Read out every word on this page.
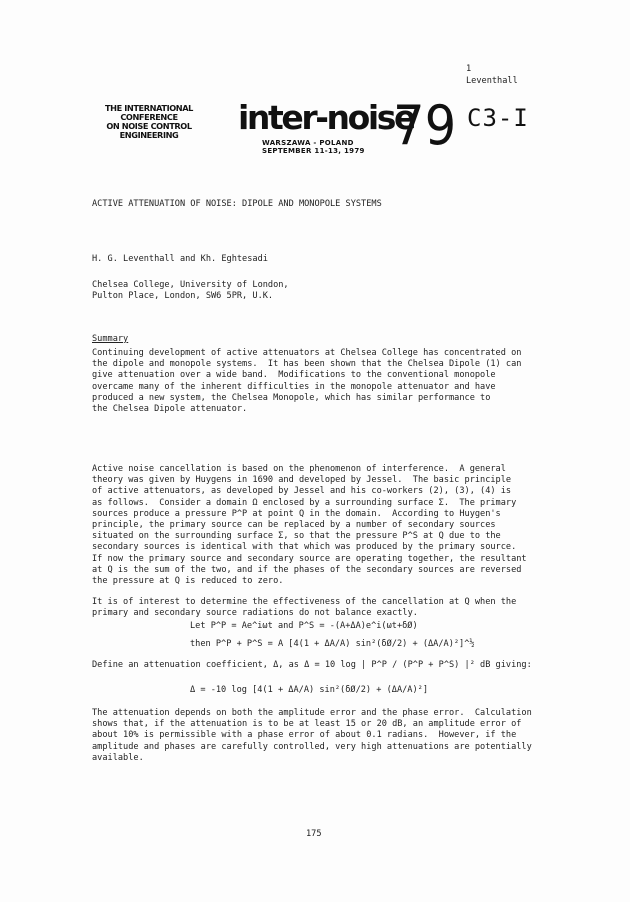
1
Leventhall
THE INTERNATIONAL
CONFERENCE
ON NOISE CONTROL
ENGINEERING	inter-noise
79
WARSZAWA - POLAND
SEPTEMBER 11-13, 1979
C3-I
ACTIVE ATTENUATION OF NOISE: DIPOLE AND MONOPOLE SYSTEMS
H. G. Leventhall and Kh. Eghtesadi
Chelsea College, University of London,
Pulton Place, London, SW6 5PR, U.K.
Summary
Continuing development of active attenuators at Chelsea College has concentrated on
the dipole and monopole systems.  It has been shown that the Chelsea Dipole (1) can
give attenuation over a wide band.  Modifications to the conventional monopole
overcame many of the inherent difficulties in the monopole attenuator and have
produced a new system, the Chelsea Monopole, which has similar performance to
the Chelsea Dipole attenuator.
Active noise cancellation is based on the phenomenon of interference.  A general
theory was given by Huygens in 1690 and developed by Jessel.  The basic principle
of active attenuators, as developed by Jessel and his co-workers (2), (3), (4) is
as follows.  Consider a domain Ω enclosed by a surrounding surface Σ.  The primary
sources produce a pressure P^P at point Q in the domain.  According to Huygen's
principle, the primary source can be replaced by a number of secondary sources
situated on the surrounding surface Σ, so that the pressure P^S at Q due to the
secondary sources is identical with that which was produced by the primary source.
If now the primary source and secondary source are operating together, the resultant
at Q is the sum of the two, and if the phases of the secondary sources are reversed
the pressure at Q is reduced to zero.
It is of interest to determine the effectiveness of the cancellation at Q when the
primary and secondary source radiations do not balance exactly.
Let P^P = Ae^iωt and P^S = -(A+ΔA)e^i(ωt+δØ)
then P^P + P^S = A [4(1 + ΔA/A) sin²(δØ/2) + (ΔA/A)²]^½
Define an attenuation coefficient, Δ, as Δ = 10 log | P^P / (P^P + P^S) |² dB giving:
Δ = -10 log [4(1 + ΔA/A) sin²(δØ/2) + (ΔA/A)²]
The attenuation depends on both the amplitude error and the phase error.  Calculation
shows that, if the attenuation is to be at least 15 or 20 dB, an amplitude error of
about 10% is permissible with a phase error of about 0.1 radians.  However, if the
amplitude and phases are carefully controlled, very high attenuations are potentially
available.
175
